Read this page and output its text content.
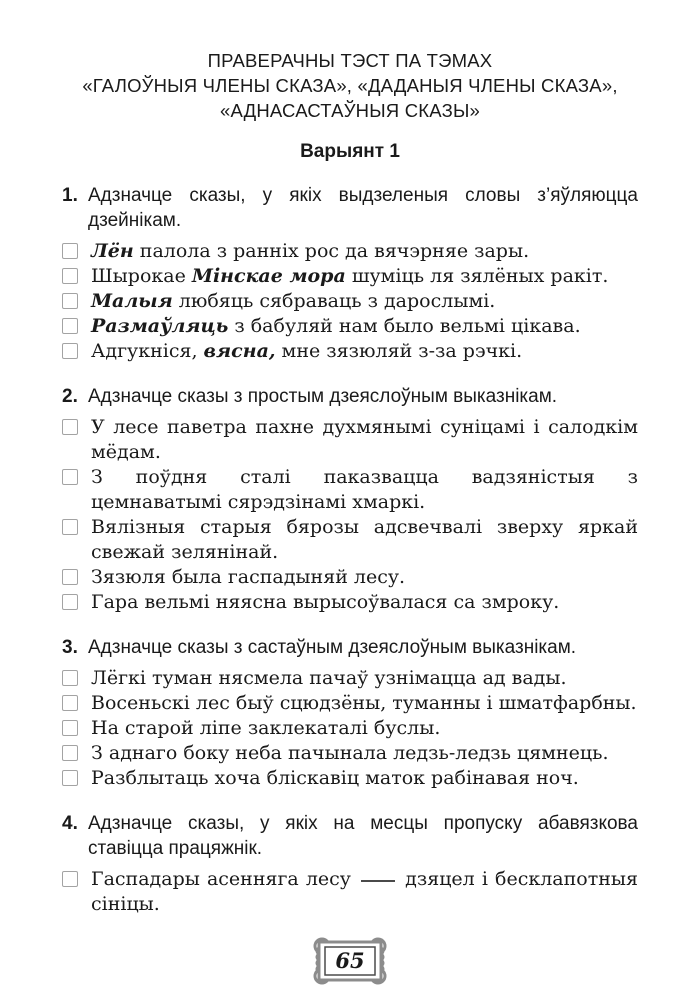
ПРАВЕРАЧНЫ ТЭСТ ПА ТЭМАХ
«ГАЛОЎНЫЯ ЧЛЕНЫ СКАЗА», «ДАДАНЫЯ ЧЛЕНЫ СКАЗА»,
«АДНАСАСТАЎНЫЯ СКАЗЫ»
Варыянт 1
1. Адзначце сказы, у якіх выдзеленыя словы з’яўляюцца дзейнікам.
Лён палола з ранніх рос да вячэрняе зары.
Шырокае Мінскае мора шуміць ля зялёных ракіт.
Малыя любяць сябраваць з дарослымі.
Размаўляць з бабуляй нам было вельмі цікава.
Адгукніся, вясна, мне зязюляй з-за рэчкі.
2. Адзначце сказы з простым дзеяслоўным выказнікам.
У лесе паветра пахне духмянымі суніцамі і салодкім мёдам.
З поўдня сталі паказвацца вадзяністыя з цемнаватымі сярэдзінамі хмаркі.
Вялізныя старыя бярозы адсвечвалі зверху яркай свежай зелянінай.
Зязюля была гаспадыняй лесу.
Гара вельмі няясна вырысоўвалася са змроку.
3. Адзначце сказы з састаўным дзеяслоўным выказнікам.
Лёгкі туман нясмела пачаў узнімацца ад вады.
Восеньскі лес быў сцюдзёны, туманны і шматфарбны.
На старой ліпе заклекаталі буслы.
З аднаго боку неба пачынала ледзь-ледзь цямнець.
Разблытаць хоча бліскавіц маток рабінавая ноч.
4. Адзначце сказы, у якіх на месцы пропуску абавязкова ставіцца працяжнік.
Гаспадары асенняга лесу  дзяцел і бесклапотныя сініцы.
65
